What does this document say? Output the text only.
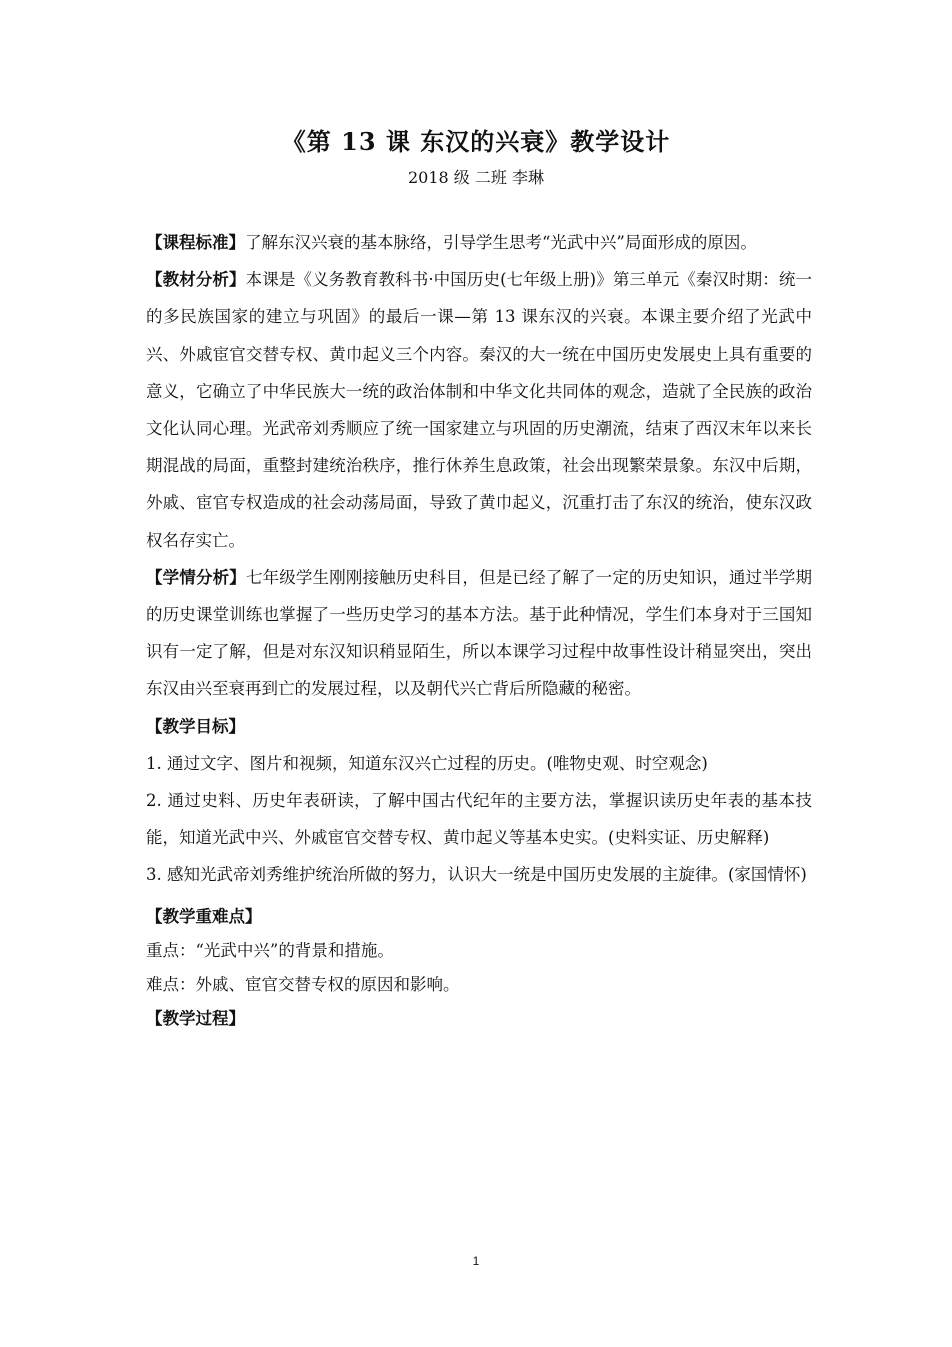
《第 13 课 东汉的兴衰》教学设计
2018 级 二班 李琳

【课程标准】了解东汉兴衰的基本脉络，引导学生思考“光武中兴”局面形成的原因。

【教材分析】本课是《义务教育教科书·中国历史(七年级上册)》第三单元《秦汉时期：统一的多民族国家的建立与巩固》的最后一课—第 13 课东汉的兴衰。本课主要介绍了光武中兴、外戚宦官交替专权、黄巾起义三个内容。秦汉的大一统在中国历史发展史上具有重要的意义，它确立了中华民族大一统的政治体制和中华文化共同体的观念，造就了全民族的政治文化认同心理。光武帝刘秀顺应了统一国家建立与巩固的历史潮流，结束了西汉末年以来长期混战的局面，重整封建统治秩序，推行休养生息政策，社会出现繁荣景象。东汉中后期，外戚、宦官专权造成的社会动荡局面，导致了黄巾起义，沉重打击了东汉的统治，使东汉政权名存实亡。

【学情分析】七年级学生刚刚接触历史科目，但是已经了解了一定的历史知识，通过半学期的历史课堂训练也掌握了一些历史学习的基本方法。基于此种情况，学生们本身对于三国知识有一定了解，但是对东汉知识稍显陌生，所以本课学习过程中故事性设计稍显突出，突出东汉由兴至衰再到亡的发展过程，以及朝代兴亡背后所隐藏的秘密。

【教学目标】

1. 通过文字、图片和视频，知道东汉兴亡过程的历史。(唯物史观、时空观念)

2. 通过史料、历史年表研读，了解中国古代纪年的主要方法，掌握识读历史年表的基本技能，知道光武中兴、外戚宦官交替专权、黄巾起义等基本史实。(史料实证、历史解释)

3. 感知光武帝刘秀维护统治所做的努力，认识大一统是中国历史发展的主旋律。(家国情怀)

【教学重难点】

重点：“光武中兴”的背景和措施。

难点：外戚、宦官交替专权的原因和影响。

【教学过程】

1
